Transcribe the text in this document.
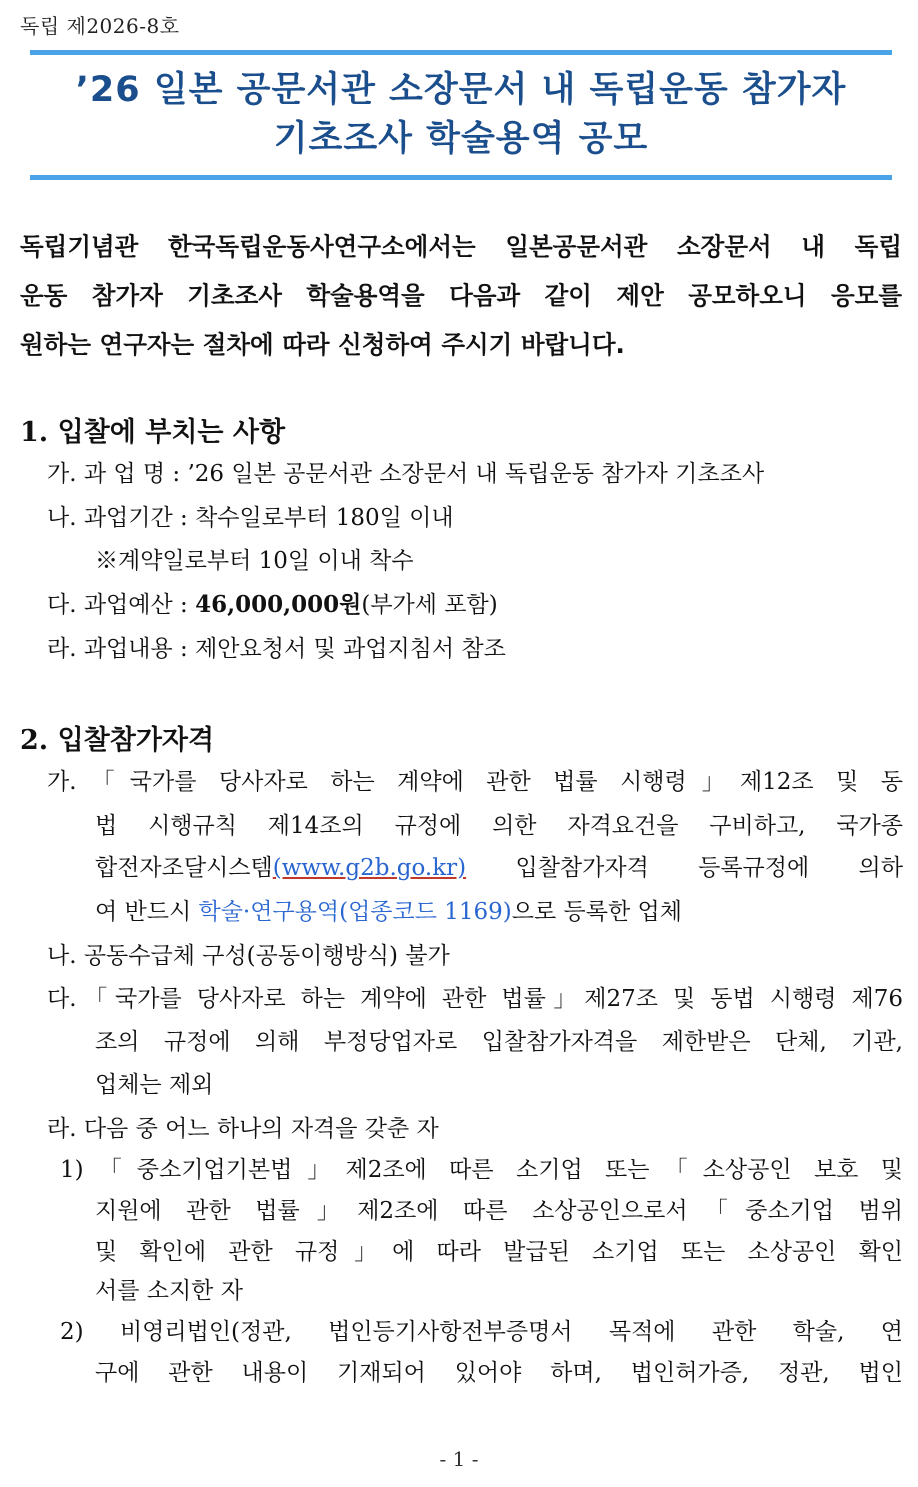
독립 제2026-8호
’26 일본 공문서관 소장문서 내 독립운동 참가자
기초조사 학술용역 공모
독립기념관 한국독립운동사연구소에서는 일본공문서관 소장문서 내 독립
운동 참가자 기초조사 학술용역을 다음과 같이 제안 공모하오니 응모를
원하는 연구자는 절차에 따라 신청하여 주시기 바랍니다.
1. 입찰에 부치는 사항
가. 과 업 명 : ’26 일본 공문서관 소장문서 내 독립운동 참가자 기초조사
나. 과업기간 : 착수일로부터 180일 이내
※계약일로부터 10일 이내 착수
다. 과업예산 : 46,000,000원(부가세 포함)
라. 과업내용 : 제안요청서 및 과업지침서 참조
2. 입찰참가자격
가.「국가를 당사자로 하는 계약에 관한 법률 시행령」제12조 및 동
법 시행규칙 제14조의 규정에 의한 자격요건을 구비하고, 국가종
합전자조달시스템(www.g2b.go.kr) 입찰참가자격 등록규정에 의하
여 반드시 학술·연구용역(업종코드 1169)으로 등록한 업체
나. 공동수급체 구성(공동이행방식) 불가
다.「국가를 당사자로 하는 계약에 관한 법률」제27조 및 동법 시행령 제76
조의 규정에 의해 부정당업자로 입찰참가자격을 제한받은 단체, 기관,
업체는 제외
라. 다음 중 어느 하나의 자격을 갖춘 자
1)「중소기업기본법」제2조에 따른 소기업 또는「소상공인 보호 및
지원에 관한 법률」제2조에 따른 소상공인으로서「중소기업 범위
및 확인에 관한 규정」에 따라 발급된 소기업 또는 소상공인 확인
서를 소지한 자
2) 비영리법인(정관, 법인등기사항전부증명서 목적에 관한 학술, 연
구에 관한 내용이 기재되어 있어야 하며, 법인허가증, 정관, 법인
- 1 -
